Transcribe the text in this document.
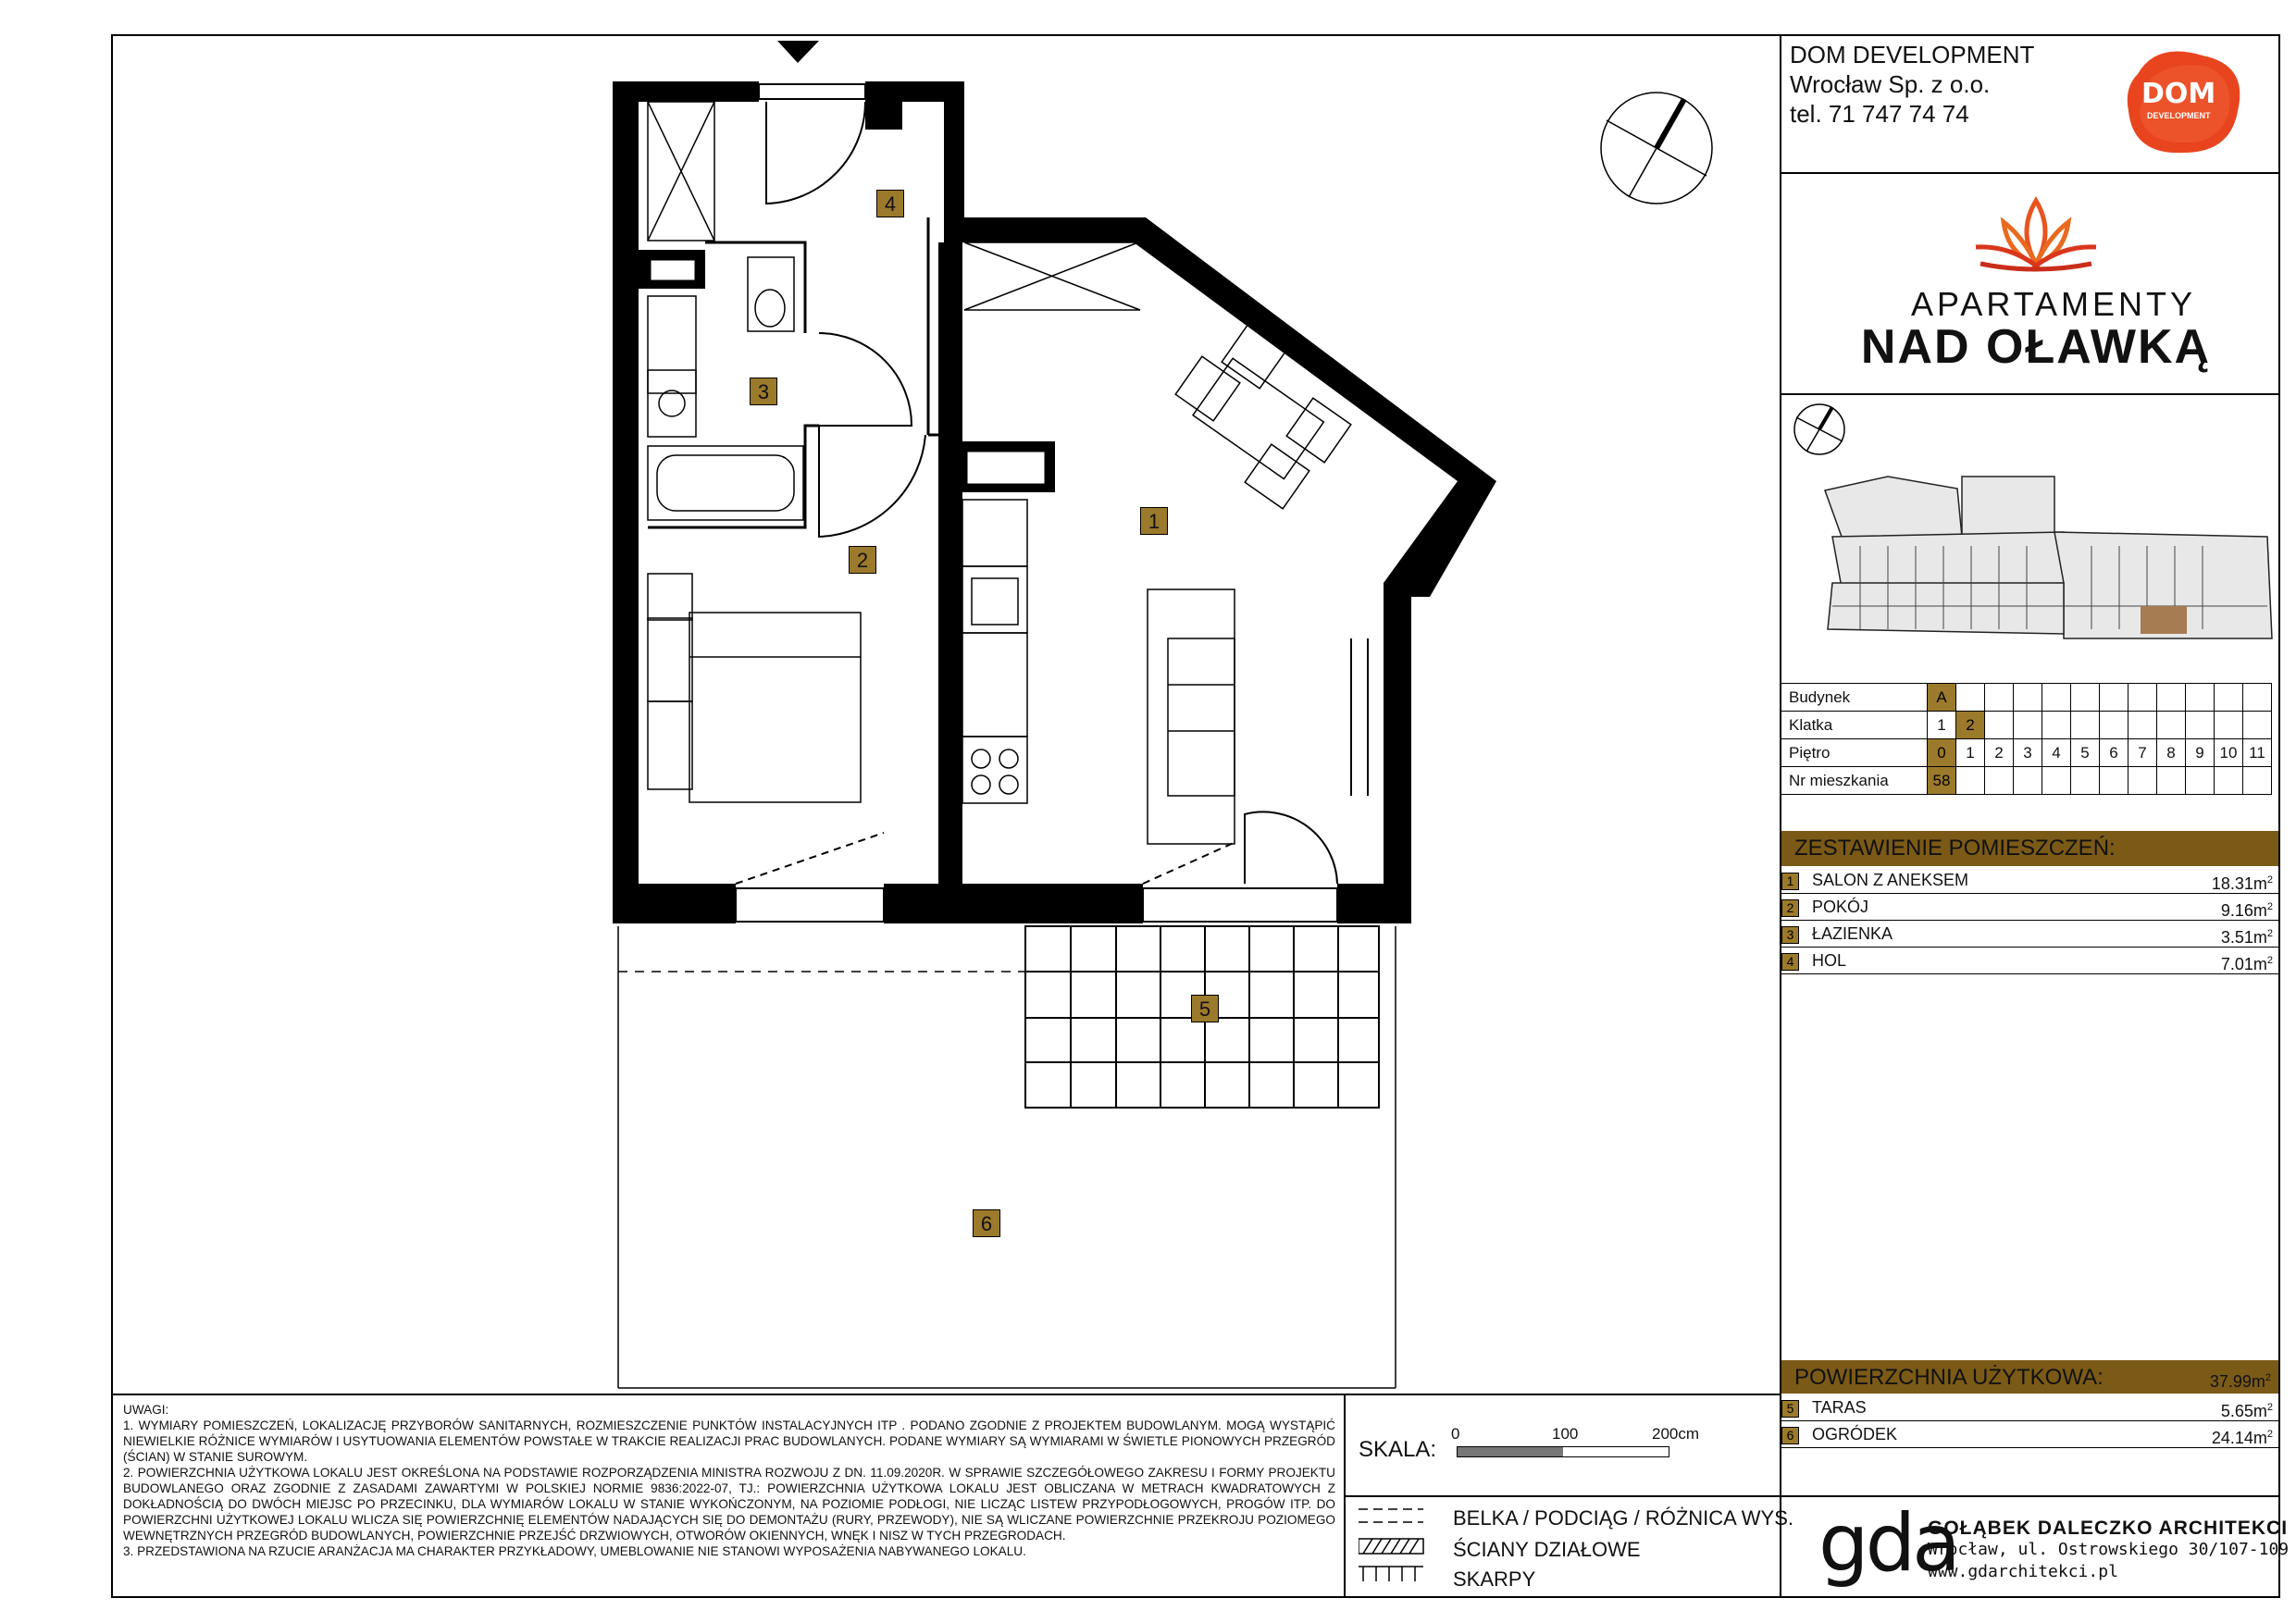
4
3
2
1
5
6
DOM DEVELOPMENT
Wrocław Sp. z o.o.
tel. 71 747 74 74
DOM
DEVELOPMENT
APARTAMENTY
NAD OŁAWKĄ
Budynek	A											
Klatka	1	2										
Piętro	0	1	2	3	4	5	6	7	8	9	10	11
Nr mieszkania	58											
ZESTAWIENIE POMIESZCZEŃ:
1 SALON Z ANEKSEM	$18.31m^2$
2 POKÓJ	$9.16m^2$
3 ŁAZIENKA	$3.51m^2$
4 HOL	$7.01m^2$
POWIERZCHNIA UŻYTKOWA:	$37.99m^2$
5 TARAS	$5.65m^2$
6 OGRÓDEK	$24.14m^2$
UWAGI:
1. WYMIARY POMIESZCZEŃ, LOKALIZACJĘ PRZYBORÓW SANITARNYCH, ROZMIESZCZENIE PUNKTÓW INSTALACYJNYCH ITP . PODANO ZGODNIE Z PROJEKTEM BUDOWLANYM. MOGĄ WYSTĄPIĆ NIEWIELKIE RÓŻNICE WYMIARÓW I USYTUOWANIA ELEMENTÓW POWSTAŁE W TRAKCIE REALIZACJI PRAC BUDOWLANYCH. PODANE WYMIARY SĄ WYMIARAMI W ŚWIETLE PIONOWYCH PRZEGRÓD (ŚCIAN) W STANIE SUROWYM.
2. POWIERZCHNIA UŻYTKOWA LOKALU JEST OKREŚLONA NA PODSTAWIE ROZPORZĄDZENIA MINISTRA ROZWOJU Z DN. 11.09.2020R. W SPRAWIE SZCZEGÓŁOWEGO ZAKRESU I FORMY PROJEKTU BUDOWLANEGO ORAZ ZGODNIE Z ZASADAMI ZAWARTYMI W POLSKIEJ NORMIE 9836:2022-07, TJ.: POWIERZCHNIA UŻYTKOWA LOKALU JEST OBLICZANA W METRACH KWADRATOWYCH Z DOKŁADNOŚCIĄ DO DWÓCH MIEJSC PO PRZECINKU, DLA WYMIARÓW LOKALU W STANIE WYKOŃCZONYM, NA POZIOMIE PODŁOGI, NIE LICZĄC LISTEW PRZYPODŁOGOWYCH, PROGÓW ITP. DO POWIERZCHNI UŻYTKOWEJ LOKALU WLICZA SIĘ POWIERZCHNIĘ ELEMENTÓW NADAJĄCYCH SIĘ DO DEMONTAŻU (RURY, PRZEWODY), NIE SĄ WLICZANE POWIERZCHNIE PRZEKROJU POZIOMEGO WEWNĘTRZNYCH PRZEGRÓD BUDOWLANYCH, POWIERZCHNIE PRZEJŚĆ DRZWIOWYCH, OTWORÓW OKIENNYCH, WNĘK I NISZ W TYCH PRZEGRODACH.
3. PRZEDSTAWIONA NA RZUCIE ARANŻACJA MA CHARAKTER PRZYKŁADOWY, UMEBLOWANIE NIE STANOWI WYPOSAŻENIA NABYWANEGO LOKALU.
SKALA:
0	100	200cm
BELKA / PODCIĄG / RÓŻNICA WYS.
ŚCIANY DZIAŁOWE
SKARPY	gda
GOŁĄBEK DALECZKO ARCHITEKCI
Wrocław, ul. Ostrowskiego 30/107-109
www.gdarchitekci.pl
